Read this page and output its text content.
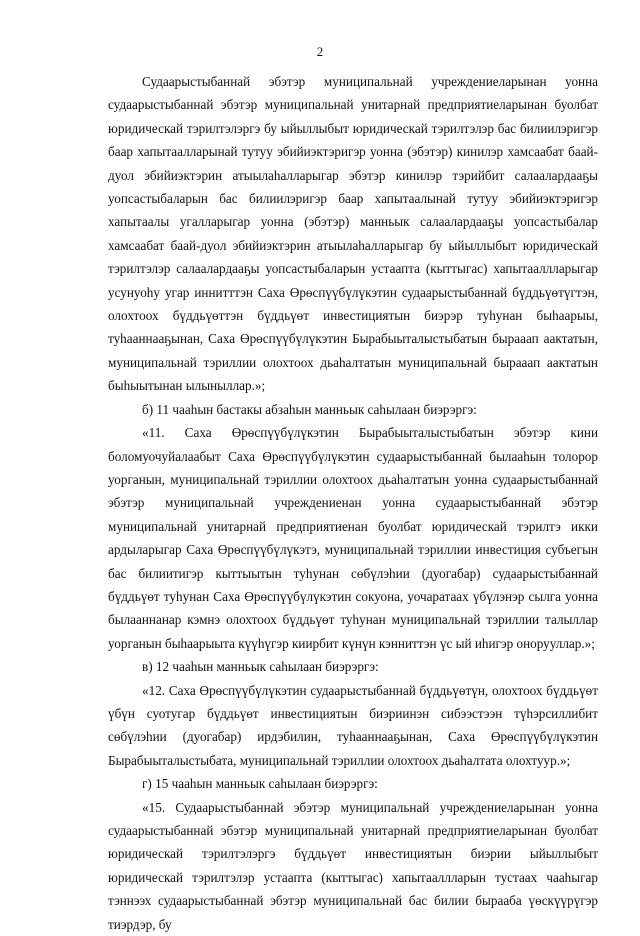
2

Судаарыстыбаннай эбэтэр муниципальнай учреждениеларынан уонна судаарыстыбаннай эбэтэр муниципальнай унитарнай предприятиеларынан буолбат юридическай тэрилтэлэргэ бу ыйыллыбыт юридическай тэрилтэлэр бас билиилэригэр баар хапытаалларынай тутуу эбийиэктэригэр уонна (эбэтэр) кинилэр хамсаабат баай-дуол эбийиэктэрин атыылаһалларыгар эбэтэр кинилэр тэрийбит салаалардааҕы уопсастыбаларын бас билиилэригэр баар хапытаалынай тутуу эбийиэктэригэр хапытаалы угалларыгар уонна (эбэтэр) манньык салаалардааҕы уопсастыбалар хамсаабат баай-дуол эбийиэктэрин атыылаһалларыгар бу ыйыллыбыт юридическай тэрилтэлэр салаалардааҕы уопсастыбаларын устаапта (кыттыгас) хапытааллларыгар усунуоһу угар иннитттэн Саха Өрөспүүбүлүкэтин судаарыстыбаннай бүддьүөтүгтэн, олохтоох бүддьүөттэн бүддьүөт инвестициятын биэрэр туһунан быһаарыы, туһааннааҕынан, Саха Өрөспүүбүлүкэтин Бырабыыталыстыбатын бырааап аактатын, муниципальнай тэриллии олохтоох дьаһалтатын муниципальнай бырааап аактатын быһыытынан ылыныллар.»;

б) 11 чааһын бастакы абзаһын манньык саһылаан биэрэргэ:

«11. Саха Өрөспүүбүлүкэтин Бырабыыталыстыбатын эбэтэр кини боломуочуйалаабыт Саха Өрөспүүбүлүкэтин судаарыстыбаннай былааһын толорор уорганын, муниципальнай тэриллии олохтоох дьаһалтатын уонна судаарыстыбаннай эбэтэр муниципальнай учреждениенан уонна судаарыстыбаннай эбэтэр муниципальнай унитарнай предприятиенан буолбат юридическай тэрилтэ икки ардыларыгар Саха Өрөспүүбүлүкэтэ, муниципальнай тэриллии инвестиция субъегын бас билиитигэр кыттыытын туһунан сөбүлэһии (дуогабар) судаарыстыбаннай бүддьүөт туһунан Саха Өрөспүүбүлүкэтин сокуона, уочаратаах үбүлэнэр сылга уонна былааннанар кэмнэ олохтоох бүддьүөт туһунан муниципальнай тэриллии талыллар уорганын быһаарыыта күүһүгэр киирбит күнүн кэнниттэн үс ый иһигэр онорууллар.»;

в) 12 чааһын манньык саһылаан биэрэргэ:

«12. Саха Өрөспүүбүлүкэтин судаарыстыбаннай бүддьүөтүн, олохтоох бүддьүөт үбүн суотугар бүддьүөт инвестициятын биэриинэн сибээстээн түһэрсиллибит сөбүлэһии (дуогабар) ирдэбилин, туһааннааҕынан, Саха Өрөспүүбүлүкэтин Бырабыыталыстыбата, муниципальнай тэриллии олохтоох дьаһалтата олохтуур.»;

г) 15 чааһын манньык саһылаан биэрэргэ:

«15. Судаарыстыбаннай эбэтэр муниципальнай учреждениеларынан уонна судаарыстыбаннай эбэтэр муниципальнай унитарнай предприятиеларынан буолбат юридическай тэрилтэлэргэ бүддьүөт инвестициятын биэрии ыйыллыбыт юридическай тэрилтэлэр устаапта (кыттыгас) хапытааллларын тустаах чааһыгар тэннээх судаарыстыбаннай эбэтэр муниципальнай бас билии бырааба үөскүүрүгэр тиэрдэр, бу
